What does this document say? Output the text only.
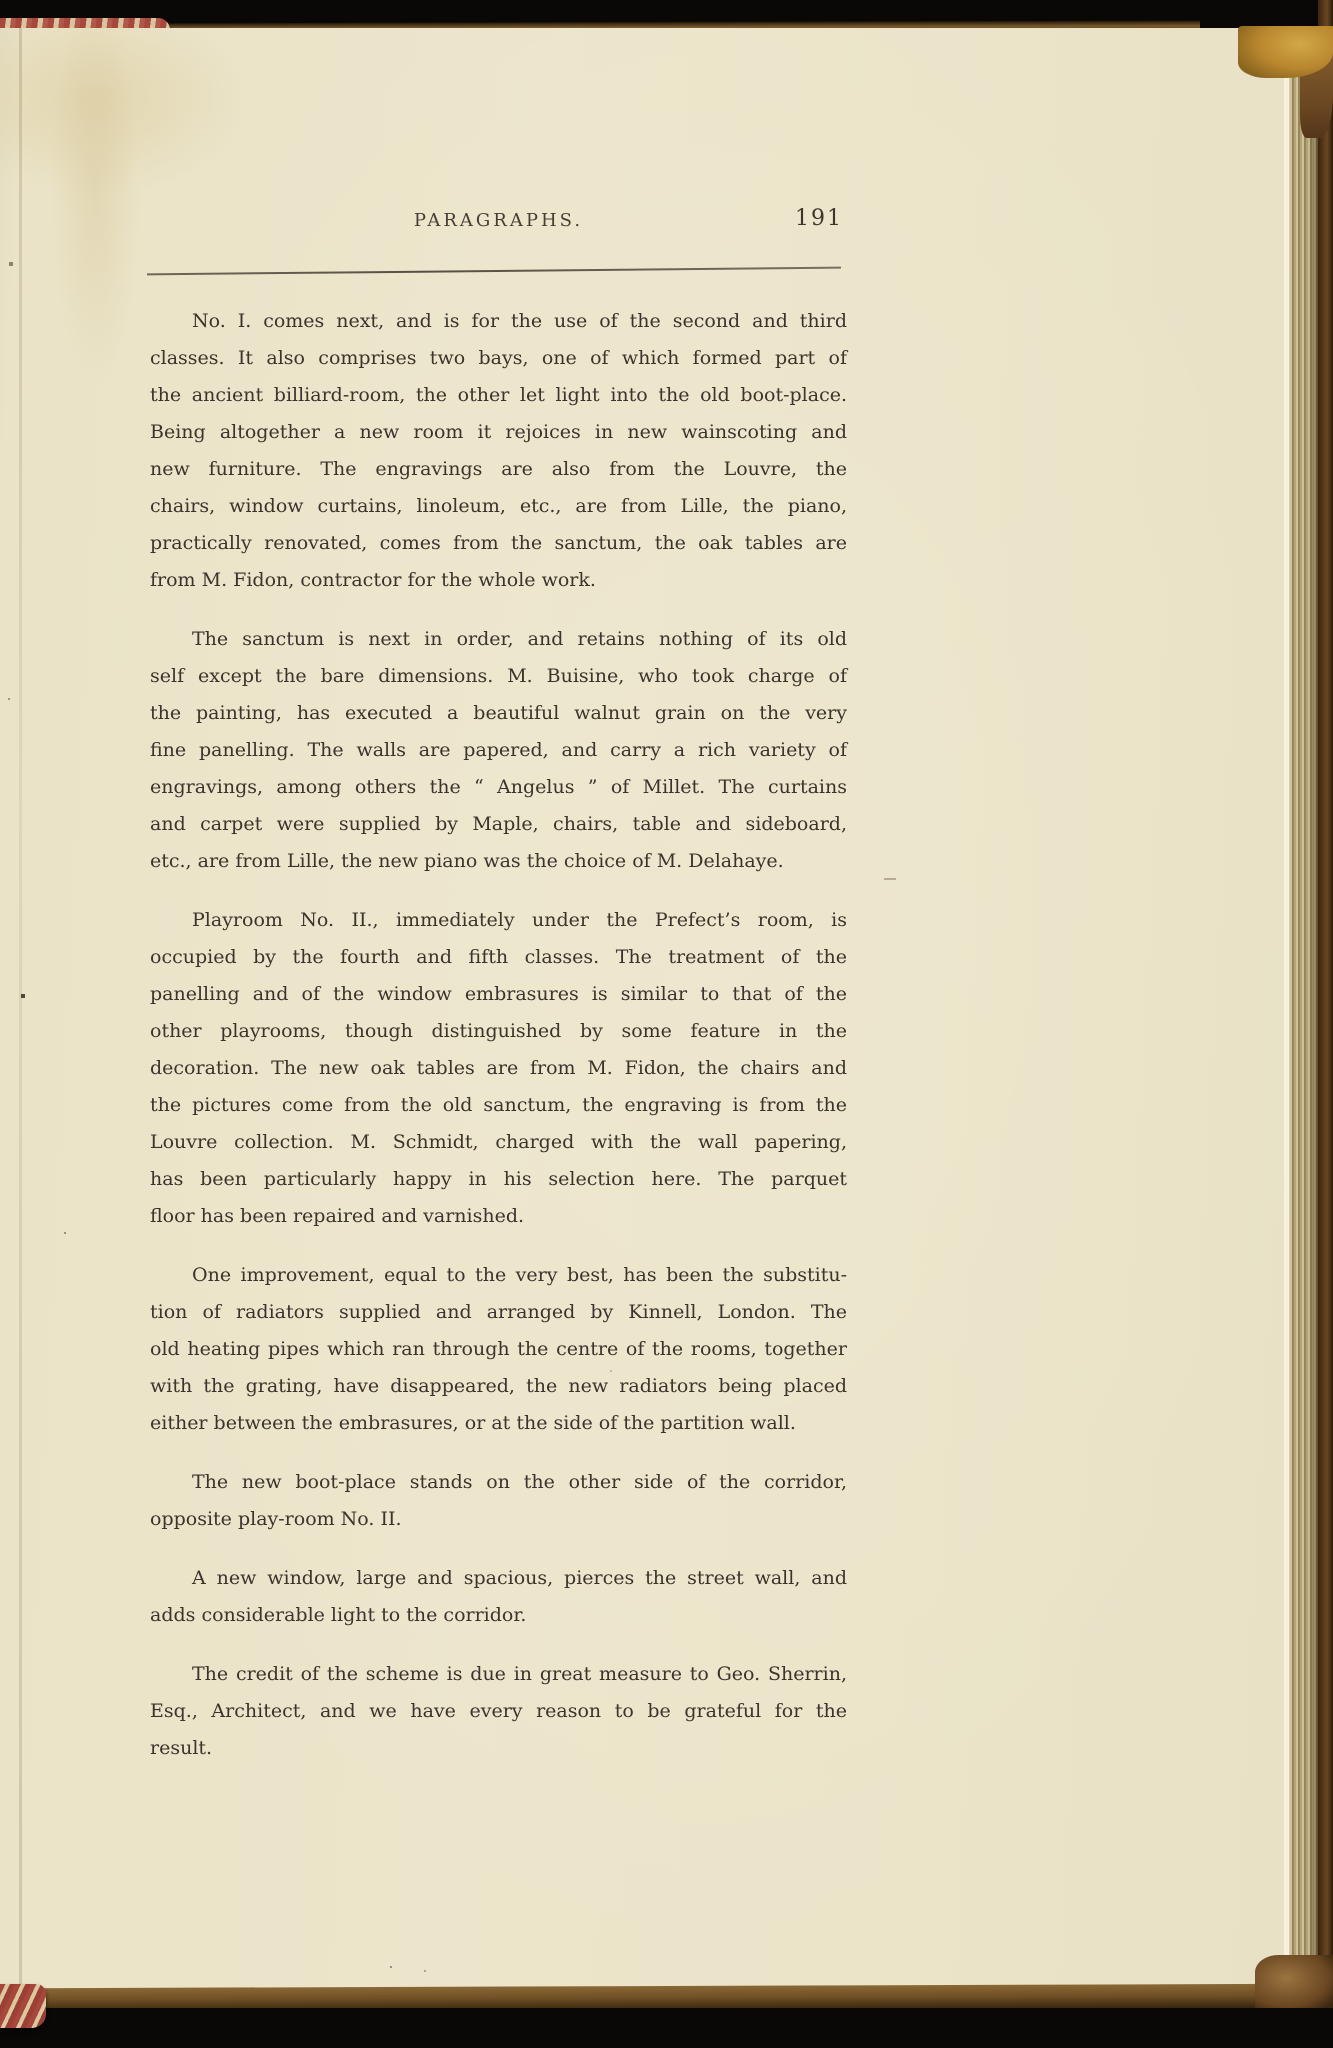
PARAGRAPHS.	191

No. I. comes next, and is for the use of the second and third
classes. It also comprises two bays, one of which formed part of
the ancient billiard-room, the other let light into the old boot-place.
Being altogether a new room it rejoices in new wainscoting and
new furniture. The engravings are also from the Louvre, the
chairs, window curtains, linoleum, etc., are from Lille, the piano,
practically renovated, comes from the sanctum, the oak tables are
from M. Fidon, contractor for the whole work.

The sanctum is next in order, and retains nothing of its old
self except the bare dimensions. M. Buisine, who took charge of
the painting, has executed a beautiful walnut grain on the very
fine panelling. The walls are papered, and carry a rich variety of
engravings, among others the “ Angelus ” of Millet. The curtains
and carpet were supplied by Maple, chairs, table and sideboard,
etc., are from Lille, the new piano was the choice of M. Delahaye.

Playroom No. II., immediately under the Prefect’s room, is
occupied by the fourth and fifth classes. The treatment of the
panelling and of the window embrasures is similar to that of the
other playrooms, though distinguished by some feature in the
decoration. The new oak tables are from M. Fidon, the chairs and
the pictures come from the old sanctum, the engraving is from the
Louvre collection. M. Schmidt, charged with the wall papering,
has been particularly happy in his selection here. The parquet
floor has been repaired and varnished.

One improvement, equal to the very best, has been the substitu-
tion of radiators supplied and arranged by Kinnell, London. The
old heating pipes which ran through the centre of the rooms, together
with the grating, have disappeared, the new radiators being placed
either between the embrasures, or at the side of the partition wall.

The new boot-place stands on the other side of the corridor,
opposite play-room No. II.

A new window, large and spacious, pierces the street wall, and
adds considerable light to the corridor.

The credit of the scheme is due in great measure to Geo. Sherrin,
Esq., Architect, and we have every reason to be grateful for the
result.
